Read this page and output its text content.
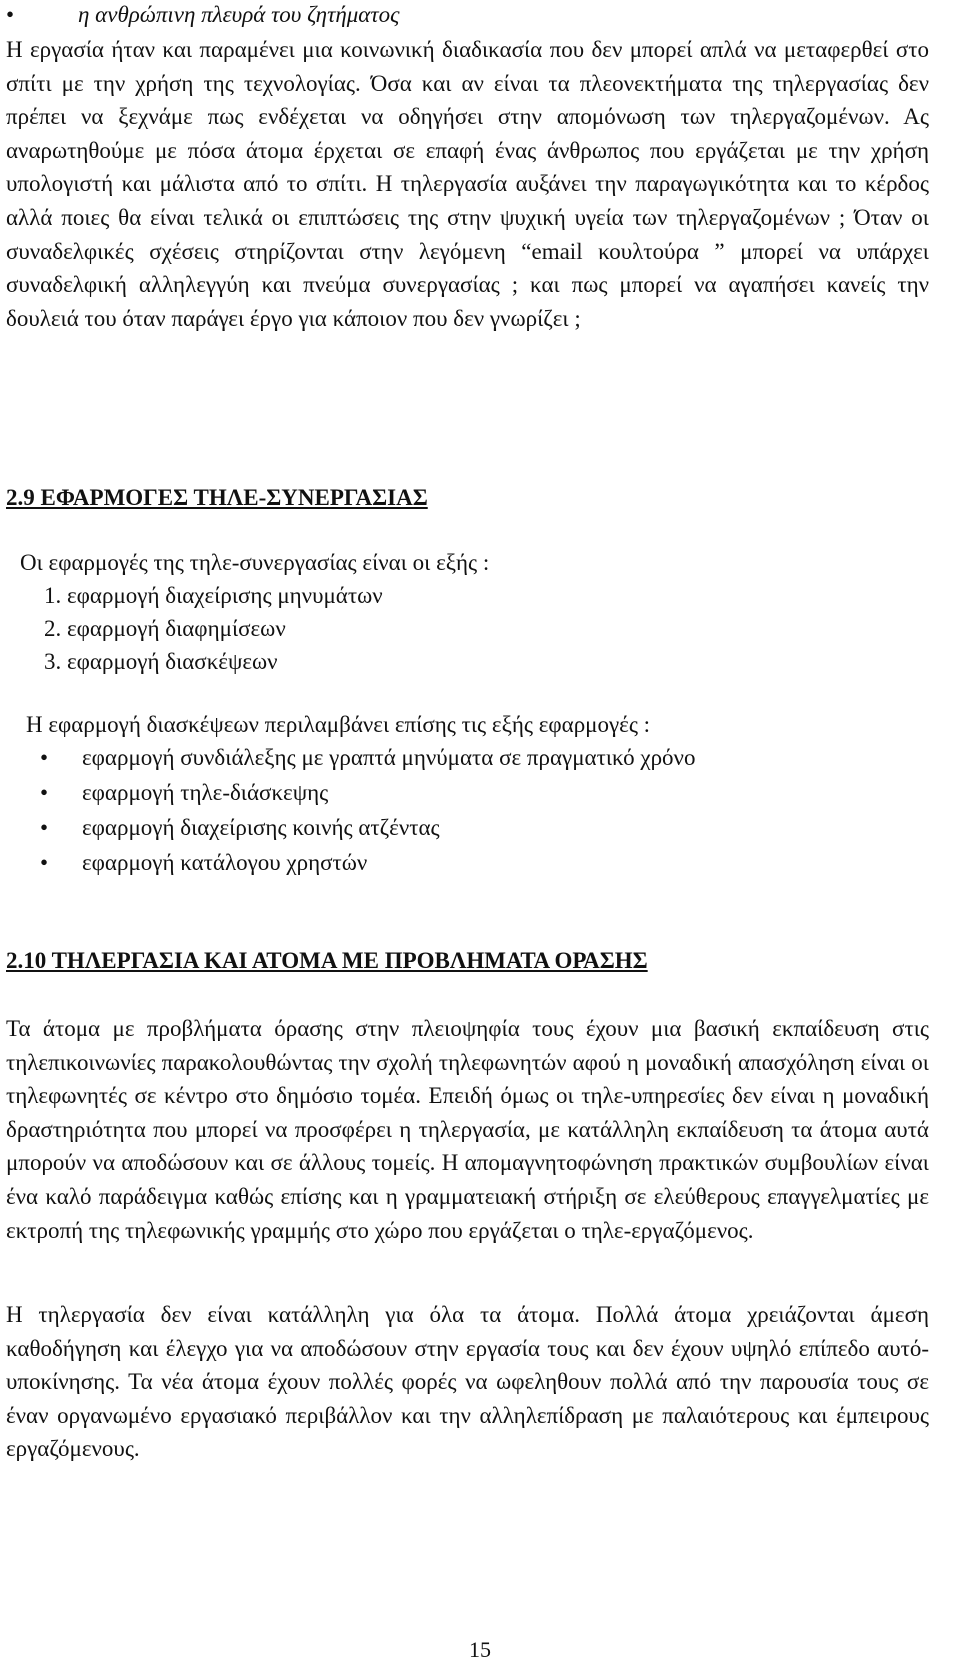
•	η ανθρώπινη πλευρά του ζητήματος

Η εργασία ήταν και παραμένει μια κοινωνική διαδικασία που δεν μπορεί απλά να μεταφερθεί στο σπίτι με την χρήση της τεχνολογίας. Όσα και αν είναι τα πλεονεκτήματα της τηλεργασίας δεν πρέπει να ξεχνάμε πως ενδέχεται να οδηγήσει στην απομόνωση των τηλεργαζομένων. Ας αναρωτηθούμε με πόσα άτομα έρχεται σε επαφή ένας άνθρωπος που εργάζεται με την χρήση υπολογιστή και μάλιστα από το σπίτι. Η τηλεργασία αυξάνει την παραγωγικότητα και το κέρδος αλλά ποιες θα είναι τελικά οι επιπτώσεις της στην ψυχική υγεία των τηλεργαζομένων ; Όταν οι συναδελφικές σχέσεις στηρίζονται στην λεγόμενη “email κουλτούρα ” μπορεί να υπάρχει συναδελφική αλληλεγγύη και πνεύμα συνεργασίας ; και πως μπορεί να αγαπήσει κανείς την δουλειά του όταν παράγει έργο για κάποιον που δεν γνωρίζει ;

2.9 ΕΦΑΡΜΟΓΕΣ ΤΗΛΕ-ΣΥΝΕΡΓΑΣΙΑΣ
Οι εφαρμογές της τηλε-συνεργασίας είναι οι εξής :
1. εφαρμογή διαχείρισης μηνυμάτων
2. εφαρμογή διαφημίσεων
3. εφαρμογή διασκέψεων
Η εφαρμογή διασκέψεων περιλαμβάνει επίσης τις εξής εφαρμογές :
• εφαρμογή συνδιάλεξης με γραπτά μηνύματα σε πραγματικό χρόνο
• εφαρμογή τηλε-διάσκεψης
• εφαρμογή διαχείρισης κοινής ατζέντας
• εφαρμογή κατάλογου χρηστών
2.10 ΤΗΛΕΡΓΑΣΙΑ ΚΑΙ ΑΤΟΜΑ ΜΕ ΠΡΟΒΛΗΜΑΤΑ ΟΡΑΣΗΣ

Τα άτομα με προβλήματα όρασης στην πλειοψηφία τους έχουν μια βασική εκπαίδευση στις τηλεπικοινωνίες παρακολουθώντας την σχολή τηλεφωνητών αφού η μοναδική απασχόληση είναι οι τηλεφωνητές σε κέντρο στο δημόσιο τομέα. Επειδή όμως οι τηλε-υπηρεσίες δεν είναι η μοναδική δραστηριότητα που μπορεί να προσφέρει η τηλεργασία, με κατάλληλη εκπαίδευση τα άτομα αυτά μπορούν να αποδώσουν και σε άλλους τομείς. Η απομαγνητοφώνηση πρακτικών συμβουλίων είναι ένα καλό παράδειγμα καθώς επίσης και η γραμματειακή στήριξη σε ελεύθερους επαγγελματίες με εκτροπή της τηλεφωνικής γραμμής στο χώρο που εργάζεται ο τηλε-εργαζόμενος.

Η τηλεργασία δεν είναι κατάλληλη για όλα τα άτομα. Πολλά άτομα χρειάζονται άμεση καθοδήγηση και έλεγχο για να αποδώσουν στην εργασία τους και δεν έχουν υψηλό επίπεδο αυτό-υποκίνησης. Τα νέα άτομα έχουν πολλές φορές να ωφεληθουν πολλά από την παρουσία τους σε έναν οργανωμένο εργασιακό περιβάλλον και την αλληλεπίδραση με παλαιότερους και έμπειρους εργαζόμενους.

15
